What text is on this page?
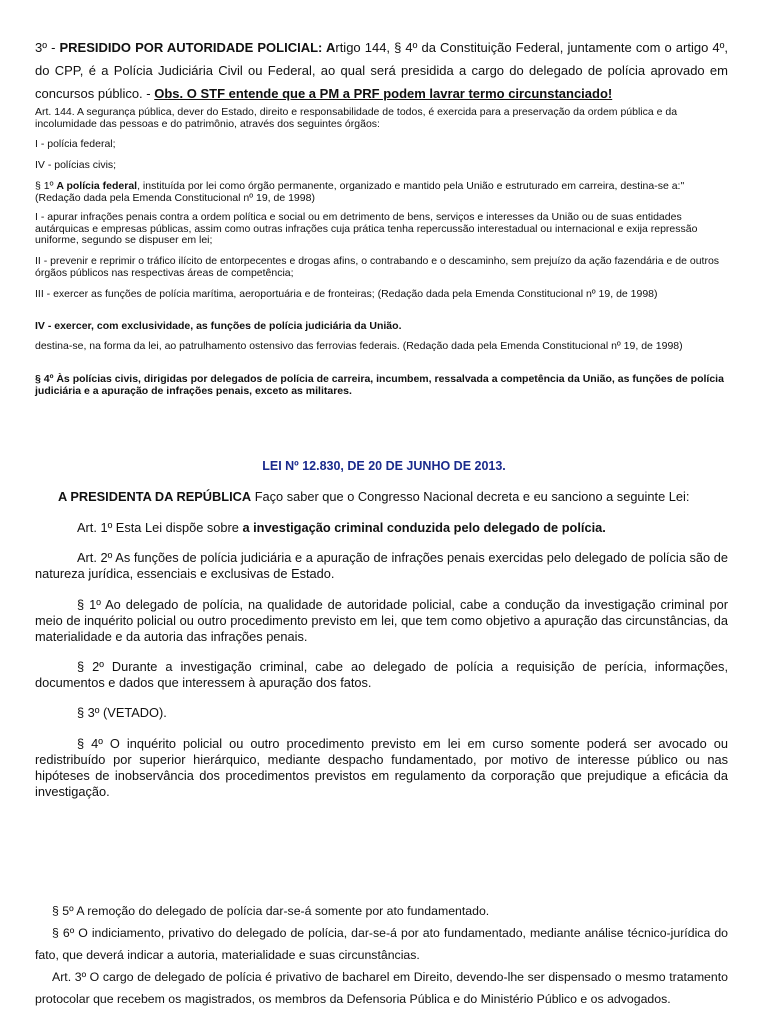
3º - PRESIDIDO POR AUTORIDADE POLICIAL: Artigo 144, § 4º da Constituição Federal, juntamente com o artigo 4º, do CPP, é a Polícia Judiciária Civil ou Federal, ao qual será presidida a cargo do delegado de polícia aprovado em concursos público. - Obs. O STF entende que a PM a PRF podem lavrar termo circunstanciado!
Art. 144. A segurança pública, dever do Estado, direito e responsabilidade de todos, é exercida para a preservação da ordem pública e da incolumidade das pessoas e do patrimônio, através dos seguintes órgãos:
I - polícia federal;
IV - polícias civis;
§ 1º A polícia federal, instituída por lei como órgão permanente, organizado e mantido pela União e estruturado em carreira, destina-se a:" (Redação dada pela Emenda Constitucional nº 19, de 1998)
I - apurar infrações penais contra a ordem política e social ou em detrimento de bens, serviços e interesses da União ou de suas entidades autárquicas e empresas públicas, assim como outras infrações cuja prática tenha repercussão interestadual ou internacional e exija repressão uniforme, segundo se dispuser em lei;
II - prevenir e reprimir o tráfico ilícito de entorpecentes e drogas afins, o contrabando e o descaminho, sem prejuízo da ação fazendária e de outros órgãos públicos nas respectivas áreas de competência;
III - exercer as funções de polícia marítima, aeroportuária e de fronteiras; (Redação dada pela Emenda Constitucional nº 19, de 1998)
IV - exercer, com exclusividade, as funções de polícia judiciária da União.
destina-se, na forma da lei, ao patrulhamento ostensivo das ferrovias federais. (Redação dada pela Emenda Constitucional nº 19, de 1998)
§ 4º Às polícias civis, dirigidas por delegados de polícia de carreira, incumbem, ressalvada a competência da União, as funções de polícia judiciária e a apuração de infrações penais, exceto as militares.
LEI Nº 12.830, DE 20 DE JUNHO DE 2013.
A PRESIDENTA DA REPÚBLICA Faço saber que o Congresso Nacional decreta e eu sanciono a seguinte Lei:
Art. 1º Esta Lei dispõe sobre a investigação criminal conduzida pelo delegado de polícia.
Art. 2º As funções de polícia judiciária e a apuração de infrações penais exercidas pelo delegado de polícia são de natureza jurídica, essenciais e exclusivas de Estado.
§ 1º Ao delegado de polícia, na qualidade de autoridade policial, cabe a condução da investigação criminal por meio de inquérito policial ou outro procedimento previsto em lei, que tem como objetivo a apuração das circunstâncias, da materialidade e da autoria das infrações penais.
§ 2º Durante a investigação criminal, cabe ao delegado de polícia a requisição de perícia, informações, documentos e dados que interessem à apuração dos fatos.
§ 3º (VETADO).
§ 4º O inquérito policial ou outro procedimento previsto em lei em curso somente poderá ser avocado ou redistribuído por superior hierárquico, mediante despacho fundamentado, por motivo de interesse público ou nas hipóteses de inobservância dos procedimentos previstos em regulamento da corporação que prejudique a eficácia da investigação.
§ 5º A remoção do delegado de polícia dar-se-á somente por ato fundamentado.
§ 6º O indiciamento, privativo do delegado de polícia, dar-se-á por ato fundamentado, mediante análise técnico-jurídica do fato, que deverá indicar a autoria, materialidade e suas circunstâncias.
Art. 3º O cargo de delegado de polícia é privativo de bacharel em Direito, devendo-lhe ser dispensado o mesmo tratamento protocolar que recebem os magistrados, os membros da Defensoria Pública e do Ministério Público e os advogados.
